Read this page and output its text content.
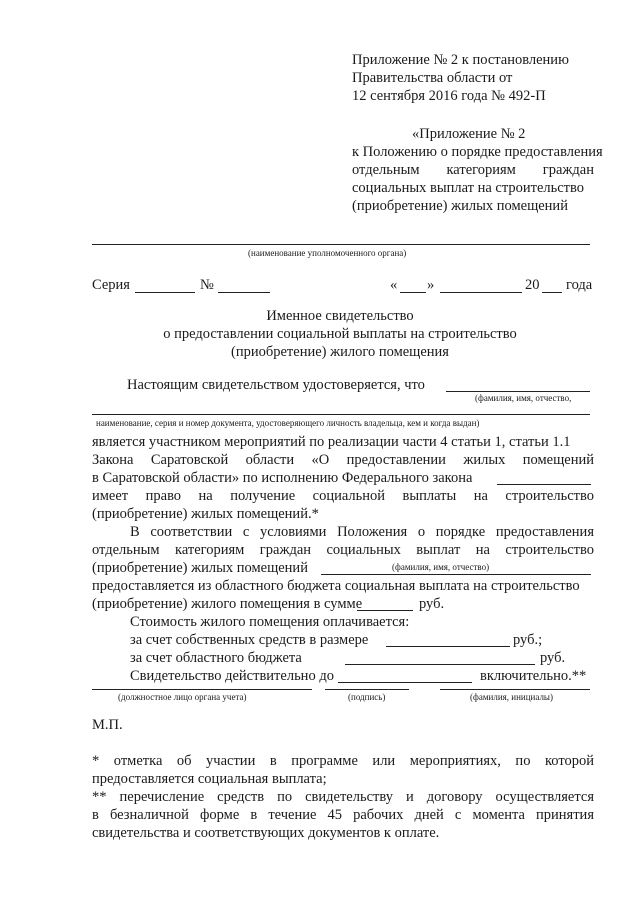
Приложение № 2 к постановлению
Правительства области от
12 сентября 2016 года № 492-П
«Приложение № 2
к Положению о порядке предоставления
отдельным категориям граждан
социальных выплат на строительство
(приобретение) жилых помещений
(наименование уполномоченного органа)
Серия	№	« »	20 года
Именное свидетельство
о предоставлении социальной выплаты на строительство
(приобретение) жилого помещения
Настоящим свидетельством удостоверяется, что
(фамилия, имя, отчество,
наименование, серия и номер документа, удостоверяющего личность владельца, кем и когда выдан)
является участником мероприятий по реализации части 4 статьи 1, статьи 1.1
Закона Саратовской области «О предоставлении жилых помещений
в Саратовской области» по исполнению Федерального закона
имеет право на получение социальной выплаты на строительство
(приобретение) жилых помещений.*
В соответствии с условиями Положения о порядке предоставления
отдельным категориям граждан социальных выплат на строительство
(приобретение) жилых помещений	(фамилия, имя, отчество)
предоставляется из областного бюджета социальная выплата на строительство
(приобретение) жилого помещения в сумме	руб.
Стоимость жилого помещения оплачивается:
за счет собственных средств в размере	руб.;
за счет областного бюджета	руб.
Свидетельство действительно до	включительно.**
(должностное лицо органа учета)	(подпись)	(фамилия, инициалы)
М.П.
* отметка об участии в программе или мероприятиях, по которой
предоставляется социальная выплата;
** перечисление средств по свидетельству и договору осуществляется
в безналичной форме в течение 45 рабочих дней с момента принятия
свидетельства и соответствующих документов к оплате.
